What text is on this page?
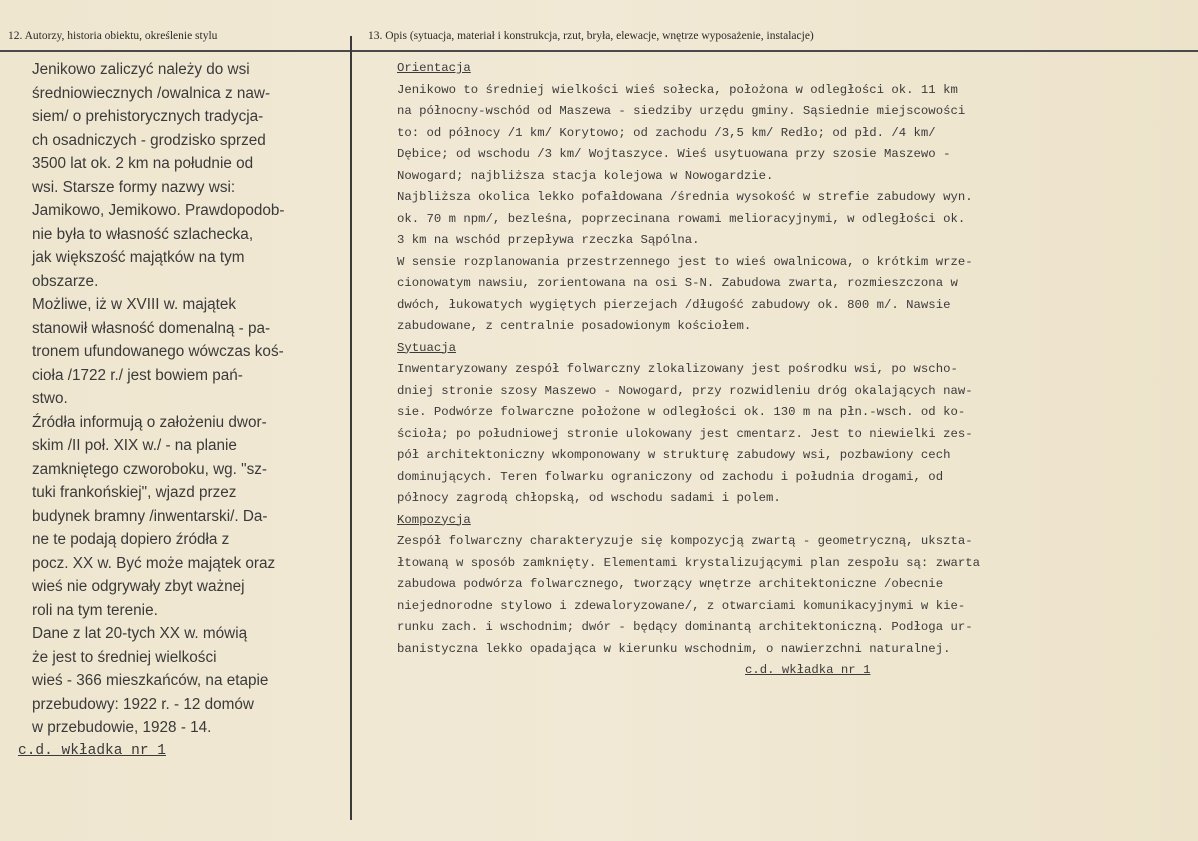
12. Autorzy, historia obiektu, określenie stylu	13. Opis (sytuacja, materiał i konstrukcja, rzut, bryła, elewacje, wnętrze wyposażenie, instalacje)
Jenikowo zaliczyć należy do wsi
średniowiecznych /owalnica z naw-
siem/ o prehistorycznych tradycja-
ch osadniczych - grodzisko sprzed
3500 lat ok. 2 km na południe od
wsi. Starsze formy nazwy wsi:
Jamikowo, Jemikowo. Prawdopodob-
nie była to własność szlachecka,
jak większość majątków na tym
obszarze.
Możliwe, iż w XVIII w. majątek
stanowił własność domenalną - pa-
tronem ufundowanego wówczas koś-
cioła /1722 r./ jest bowiem pań-
stwo.
Źródła informują o założeniu dwor-
skim /II poł. XIX w./ - na planie
zamkniętego czworoboku, wg. "sz-
tuki frankońskiej", wjazd przez
budynek bramny /inwentarski/. Da-
ne te podają dopiero źródła z
pocz. XX w. Być może majątek oraz
wieś nie odgrywały zbyt ważnej
roli na tym terenie.
Dane z lat 20-tych XX w. mówią
że jest to średniej wielkości
wieś - 366 mieszkańców, na etapie
przebudowy: 1922 r. - 12 domów
w przebudowie, 1928 - 14.
c.d. wkładka nr 1
Orientacja
Jenikowo to średniej wielkości wieś sołecka, położona w odległości ok. 11 km
na północny-wschód od Maszewa - siedziby urzędu gminy. Sąsiednie miejscowości
to: od północy /1 km/ Korytowo; od zachodu /3,5 km/ Redło; od płd. /4 km/
Dębice; od wschodu /3 km/ Wojtaszyce. Wieś usytuowana przy szosie Maszewo -
Nowogard; najbliższa stacja kolejowa w Nowogardzie.
Najbliższa okolica lekko pofałdowana /średnia wysokość w strefie zabudowy wyn.
ok. 70 m npm/, bezleśna, poprzecinana rowami melioracyjnymi, w odległości ok.
3 km na wschód przepływa rzeczka Sąpólna.
W sensie rozplanowania przestrzennego jest to wieś owalnicowa, o krótkim wrze-
cionowatym nawsiu, zorientowana na osi S-N. Zabudowa zwarta, rozmieszczona w
dwóch, łukowatych wygiętych pierzejach /długość zabudowy ok. 800 m/. Nawsie
zabudowane, z centralnie posadowionym kościołem.
Sytuacja
Inwentaryzowany zespół folwarczny zlokalizowany jest pośrodku wsi, po wscho-
dniej stronie szosy Maszewo - Nowogard, przy rozwidleniu dróg okalających naw-
sie. Podwórze folwarczne położone w odległości ok. 130 m na płn.-wsch. od ko-
ścioła; po południowej stronie ulokowany jest cmentarz. Jest to niewielki zes-
pół architektoniczny wkomponowany w strukturę zabudowy wsi, pozbawiony cech
dominujących. Teren folwarku ograniczony od zachodu i południa drogami, od
północy zagrodą chłopską, od wschodu sadami i polem.
Kompozycja
Zespół folwarczny charakteryzuje się kompozycją zwartą - geometryczną, ukszta-
łtowaną w sposób zamknięty. Elementami krystalizującymi plan zespołu są: zwarta
zabudowa podwórza folwarcznego, tworzący wnętrze architektoniczne /obecnie
niejednorodne stylowo i zdewaloryzowane/, z otwarciami komunikacyjnymi w kie-
runku zach. i wschodnim; dwór - będący dominantą architektoniczną. Podłoga ur-
banistyczna lekko opadająca w kierunku wschodnim, o nawierzchni naturalnej.
c.d. wkładka nr 1
